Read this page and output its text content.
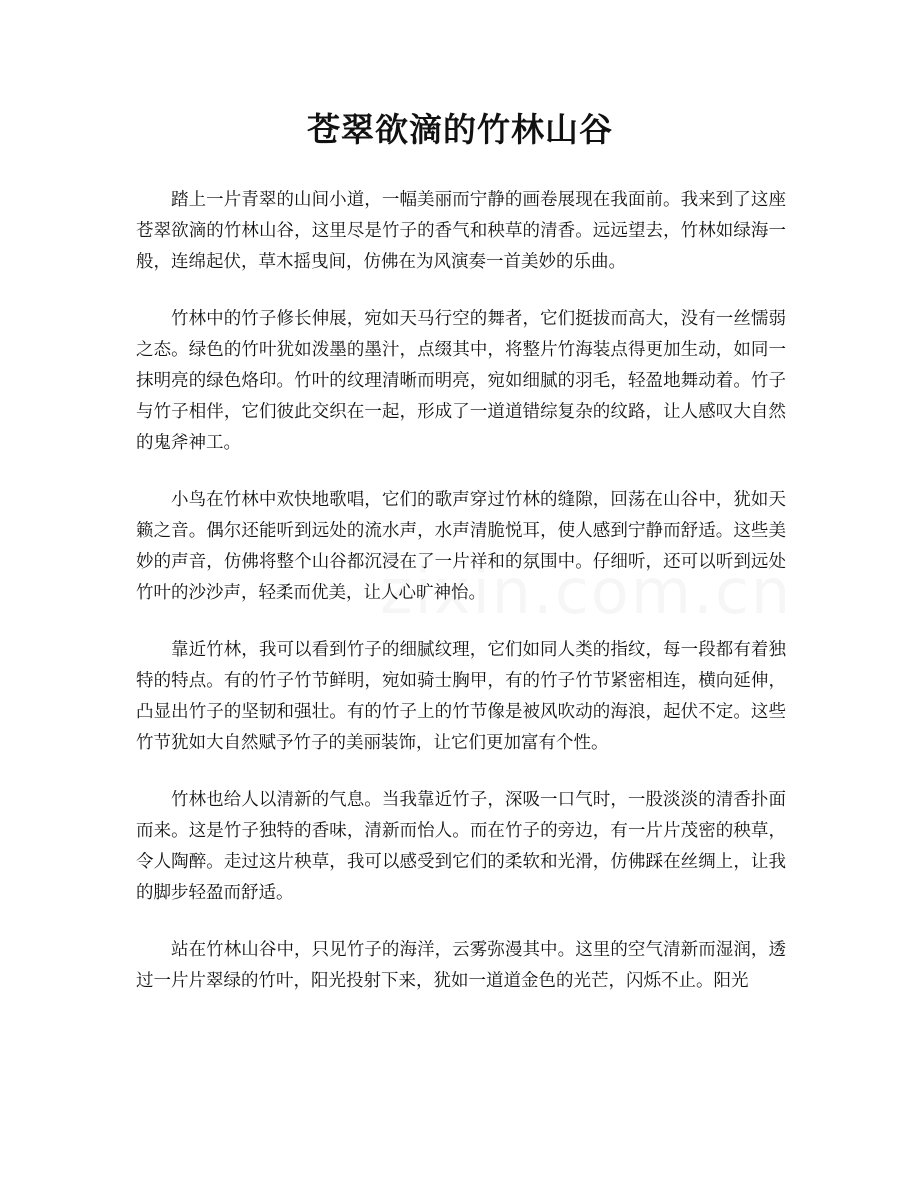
苍翠欲滴的竹林山谷

踏上一片青翠的山间小道，一幅美丽而宁静的画卷展现在我面前。我来到了这座苍翠欲滴的竹林山谷，这里尽是竹子的香气和秧草的清香。远远望去，竹林如绿海一般，连绵起伏，草木摇曳间，仿佛在为风演奏一首美妙的乐曲。

竹林中的竹子修长伸展，宛如天马行空的舞者，它们挺拔而高大，没有一丝懦弱之态。绿色的竹叶犹如泼墨的墨汁，点缀其中，将整片竹海装点得更加生动，如同一抹明亮的绿色烙印。竹叶的纹理清晰而明亮，宛如细腻的羽毛，轻盈地舞动着。竹子与竹子相伴，它们彼此交织在一起，形成了一道道错综复杂的纹路，让人感叹大自然的鬼斧神工。

小鸟在竹林中欢快地歌唱，它们的歌声穿过竹林的缝隙，回荡在山谷中，犹如天籁之音。偶尔还能听到远处的流水声，水声清脆悦耳，使人感到宁静而舒适。这些美妙的声音，仿佛将整个山谷都沉浸在了一片祥和的氛围中。仔细听，还可以听到远处竹叶的沙沙声，轻柔而优美，让人心旷神怡。

靠近竹林，我可以看到竹子的细腻纹理，它们如同人类的指纹，每一段都有着独特的特点。有的竹子竹节鲜明，宛如骑士胸甲，有的竹子竹节紧密相连，横向延伸，凸显出竹子的坚韧和强壮。有的竹子上的竹节像是被风吹动的海浪，起伏不定。这些竹节犹如大自然赋予竹子的美丽装饰，让它们更加富有个性。

竹林也给人以清新的气息。当我靠近竹子，深吸一口气时，一股淡淡的清香扑面而来。这是竹子独特的香味，清新而怡人。而在竹子的旁边，有一片片茂密的秧草，令人陶醉。走过这片秧草，我可以感受到它们的柔软和光滑，仿佛踩在丝绸上，让我的脚步轻盈而舒适。

站在竹林山谷中，只见竹子的海洋，云雾弥漫其中。这里的空气清新而湿润，透过一片片翠绿的竹叶，阳光投射下来，犹如一道道金色的光芒，闪烁不止。阳光
